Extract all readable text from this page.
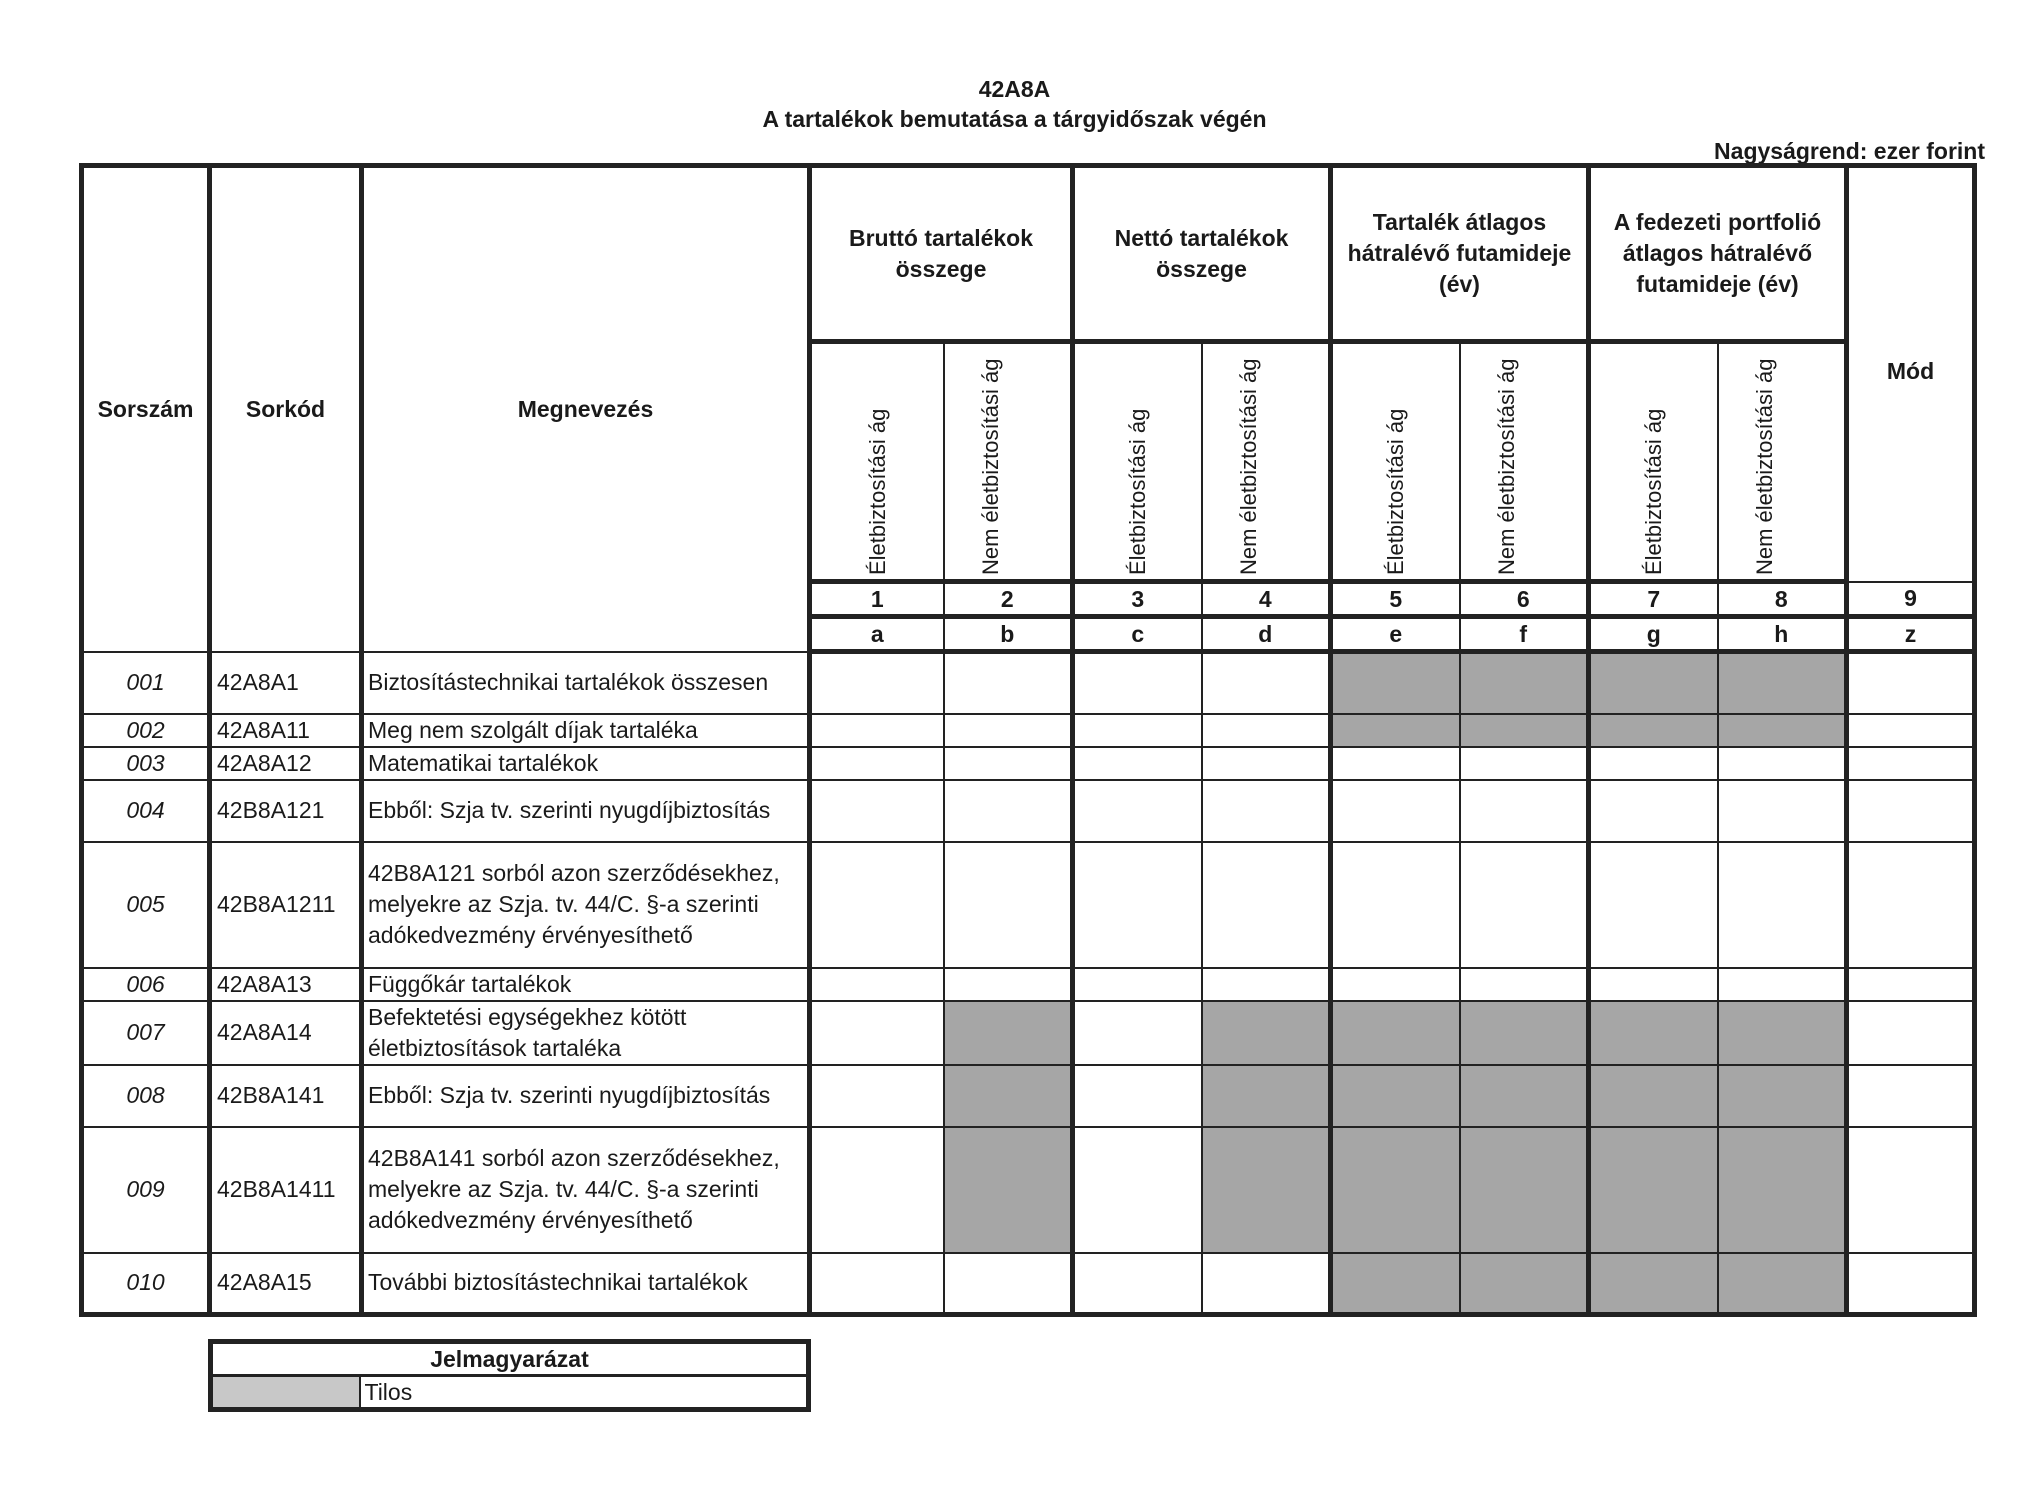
42A8A
A tartalékok bemutatása a tárgyidőszak végén
Nagyságrend: ezer forint
Sorszám	Sorkód	Megnevezés	Bruttó tartalékok összege		Nettó tartalékok összege		Tartalék átlagos hátralévő futamideje (év)		A fedezeti portfolió átlagos hátralévő futamideje (év)		Mód

			Életbiztosítási ág	Nem életbiztosítási ág	Életbiztosítási ág	Nem életbiztosítási ág	Életbiztosítási ág	Nem életbiztosítási ág	Életbiztosítási ág	Nem életbiztosítási ág	

			1	2	3	4	5	6	7	8	9
			a	b	c	d	e	f	g	h	z
001	42A8A1	Biztosítástechnikai tartalékok összesen									
002	42A8A11	Meg nem szolgált díjak tartaléka									
003	42A8A12	Matematikai tartalékok									
004	42B8A121	Ebből: Szja tv. szerinti nyugdíjbiztosítás									
005	42B8A1211	42B8A121 sorból azon szerződésekhez, melyekre az Szja. tv. 44/C. §-a szerinti adókedvezmény érvényesíthető									
006	42A8A13	Függőkár tartalékok									
007	42A8A14	Befektetési egységekhez kötött életbiztosítások tartaléka									
008	42B8A141	Ebből: Szja tv. szerinti nyugdíjbiztosítás									
009	42B8A1411	42B8A141 sorból azon szerződésekhez, melyekre az Szja. tv. 44/C. §-a szerinti adókedvezmény érvényesíthető									
010	42A8A15	További biztosítástechnikai tartalékok									
Jelmagyarázat
	Tilos
